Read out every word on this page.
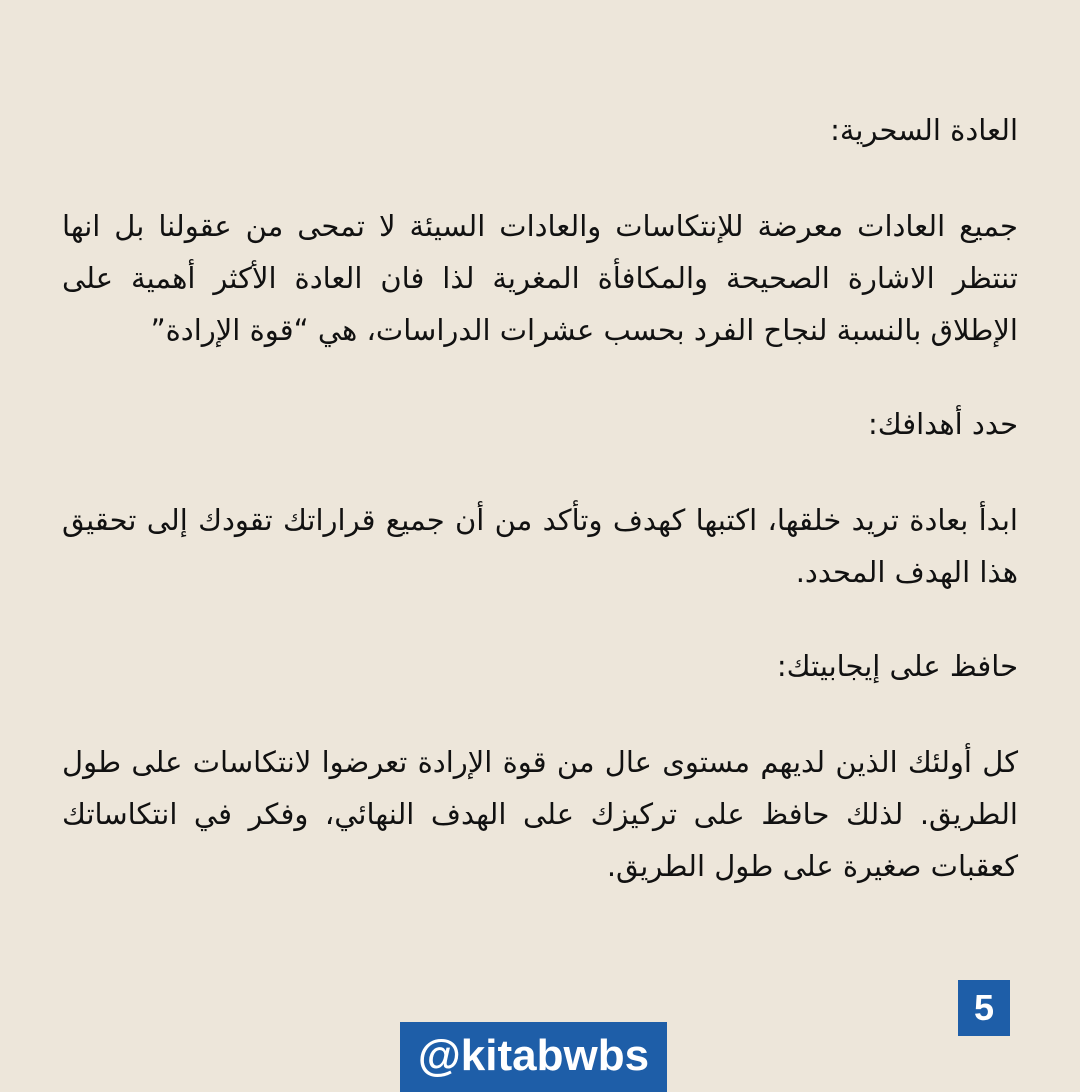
العادة السحرية:

جميع العادات معرضة للإنتكاسات والعادات السيئة لا تمحى من عقولنا بل انها تنتظر الاشارة الصحيحة والمكافأة المغرية لذا فان العادة الأكثر أهمية على الإطلاق بالنسبة لنجاح الفرد بحسب عشرات الدراسات، هي “قوة الإرادة”

حدد أهدافك:

ابدأ بعادة تريد خلقها، اكتبها كهدف وتأكد من أن جميع قراراتك تقودك إلى تحقيق هذا الهدف المحدد.

حافظ على إيجابيتك:

كل أولئك الذين لديهم مستوى عال من قوة الإرادة تعرضوا لانتكاسات على طول الطريق. لذلك حافظ على تركيزك على الهدف النهائي، وفكر في انتكاساتك كعقبات صغيرة على طول الطريق.

5
@kitabwbs
